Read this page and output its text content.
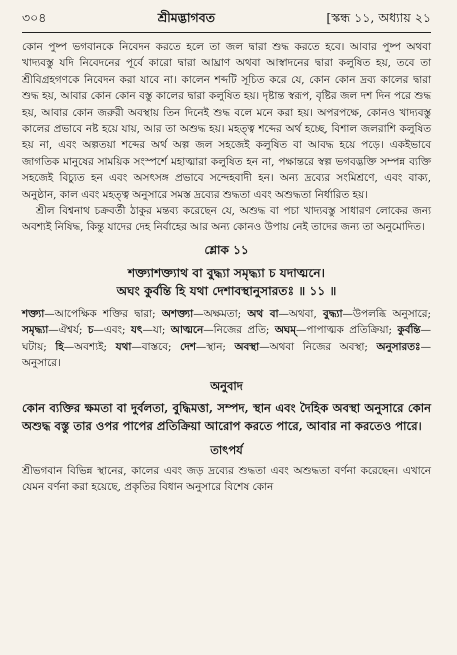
৩০৪	শ্রীমদ্ভাগবত	[স্কন্ধ ১১, অধ্যায় ২১

কোন পুষ্প ভগবানকে নিবেদন করতে হলে তা জল দ্বারা শুদ্ধ করতে হবে। আবার পুষ্প অথবা খাদ্যবস্তু যদি নিবেদনের পূর্বে কারো দ্বারা আঘ্রাণ অথবা আস্বাদনের দ্বারা কলুষিত হয়, তবে তা শ্রীবিগ্রহগণকে নিবেদন করা যাবে না। কালেন শব্দটি সূচিত করে যে, কোন কোন দ্রব্য কালের দ্বারা শুদ্ধ হয়, আবার কোন কোন বস্তু কালের দ্বারা কলুষিত হয়। দৃষ্টান্ত স্বরূপ, বৃষ্টির জল দশ দিন পরে শুদ্ধ হয়, আবার কোন জরুরী অবস্থায় তিন দিনেই শুদ্ধ বলে মনে করা হয়। অপরপক্ষে, কোনও খাদ্যবস্তু কালের প্রভাবে নষ্ট হয়ে যায়, আর তা অশুদ্ধ হয়। মহত্ত্ব শব্দের অর্থ হচ্ছে, বিশাল জলরাশি কলুষিত হয় না, এবং অল্পতয়া শব্দের অর্থ অল্প জল সহজেই কলুষিত বা আবদ্ধ হয়ে পড়ে। একইভাবে জাগতিক মানুষের সাময়িক সংস্পর্শে মহাত্মারা কলুষিত হন না, পক্ষান্তরে স্বল্প ভগবদ্ভক্তি সম্পন্ন ব্যক্তি সহজেই বিচ্যুত হন এবং অসৎসঙ্গ প্রভাবে সন্দেহবাদী হন। অন্য দ্রব্যের সংমিশ্রণে, এবং বাক্য, অনুষ্ঠান, কাল এবং মহত্ত্ব অনুসারে সমস্ত দ্রব্যের শুদ্ধতা এবং অশুদ্ধতা নির্ধারিত হয়।

শ্রীল বিশ্বনাথ চক্রবর্তী ঠাকুর মন্তব্য করেছেন যে, অশুদ্ধ বা পচা খাদ্যবস্তু সাধারণ লোকের জন্য অবশ্যই নিষিদ্ধ, কিন্তু যাদের দেহ নির্বাহের আর অন্য কোনও উপায় নেই তাদের জন্য তা অনুমোদিত।

শ্লোক ১১

শক্ত্যাশক্ত্যাথ বা বুদ্ধ্যা সমৃদ্ধ্যা চ যদাত্মনে।

অঘং কুর্বন্তি হি যথা দেশাবস্থানুসারতঃ ॥ ১১ ॥

শক্ত্যা—আপেক্ষিক শক্তির দ্বারা; অশক্ত্যা—অক্ষমতা; অথ বা—অথবা, বুদ্ধ্যা—উপলব্ধি অনুসারে; সমৃদ্ধ্যা—ঐশ্বর্য; চ—এবং; যৎ—যা; আত্মনে—নিজের প্রতি; অঘম্—পাপাত্মক প্রতিক্রিয়া; কুর্বন্তি—ঘটায়; হি—অবশ্যই; যথা—বাস্তবে; দেশ—স্থান; অবস্থা—অথবা নিজের অবস্থা; অনুসারতঃ—অনুসারে।

অনুবাদ

কোন ব্যক্তির ক্ষমতা বা দুর্বলতা, বুদ্ধিমত্তা, সম্পদ, স্থান এবং দৈহিক অবস্থা অনুসারে কোন অশুদ্ধ বস্তু তার ওপর পাপের প্রতিক্রিয়া আরোপ করতে পারে, আবার না করতেও পারে।

তাৎপর্য

শ্রীভগবান বিভিন্ন স্থানের, কালের এবং জড় দ্রব্যের শুদ্ধতা এবং অশুদ্ধতা বর্ণনা করেছেন। এখানে যেমন বর্ণনা করা হয়েছে, প্রকৃতির বিধান অনুসারে বিশেষ কোন
